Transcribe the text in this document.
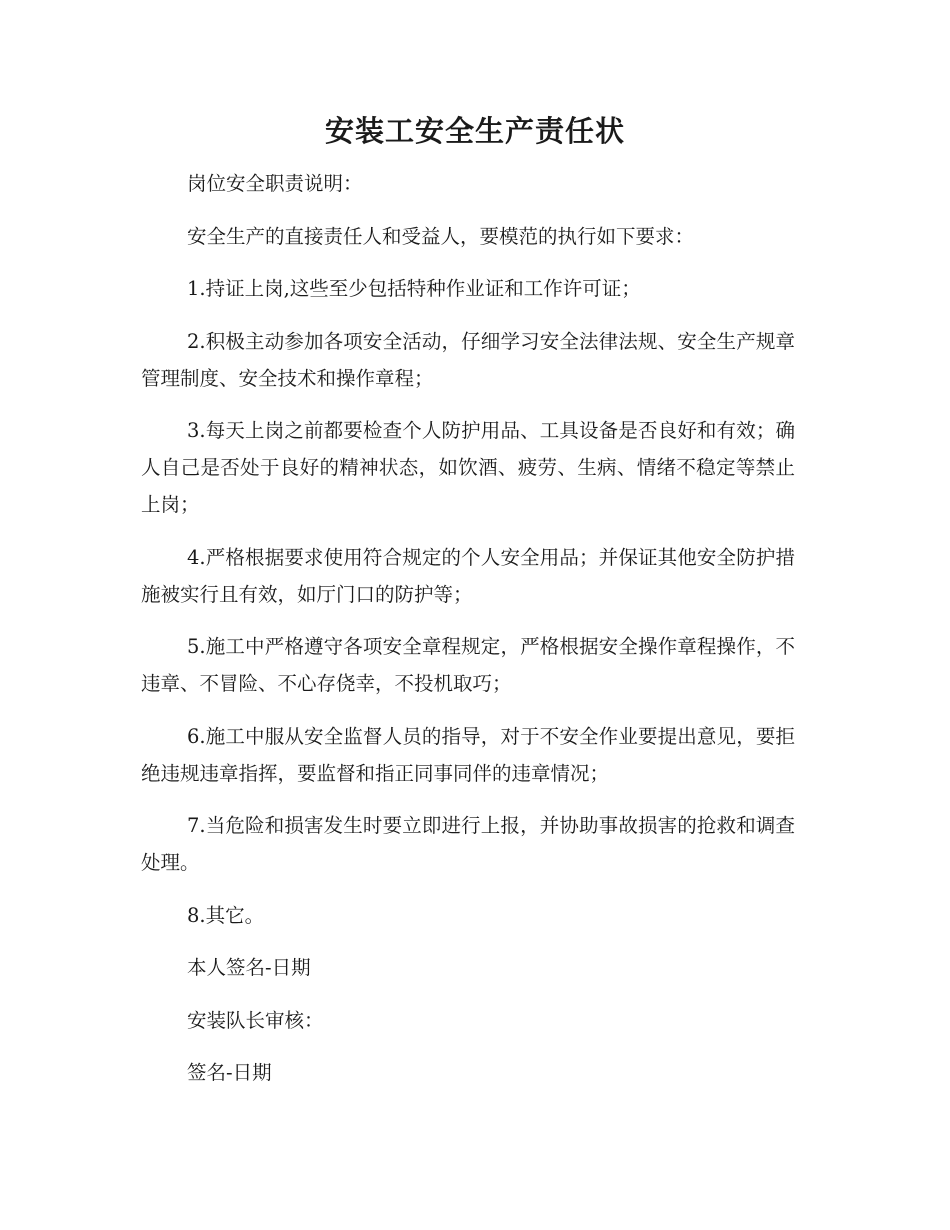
安装工安全生产责任状

岗位安全职责说明：

安全生产的直接责任人和受益人，要模范的执行如下要求：

1.持证上岗,这些至少包括特种作业证和工作许可证；

2.积极主动参加各项安全活动，仔细学习安全法律法规、安全生产规章管理制度、安全技术和操作章程；

3.每天上岗之前都要检查个人防护用品、工具设备是否良好和有效；确人自己是否处于良好的精神状态，如饮酒、疲劳、生病、情绪不稳定等禁止上岗；

4.严格根据要求使用符合规定的个人安全用品；并保证其他安全防护措施被实行且有效，如厅门口的防护等；

5.施工中严格遵守各项安全章程规定，严格根据安全操作章程操作，不违章、不冒险、不心存侥幸，不投机取巧；

6.施工中服从安全监督人员的指导，对于不安全作业要提出意见，要拒绝违规违章指挥，要监督和指正同事同伴的违章情况；

7.当危险和损害发生时要立即进行上报，并协助事故损害的抢救和调查处理。

8.其它。

本人签名-日期

安装队长审核：

签名-日期
